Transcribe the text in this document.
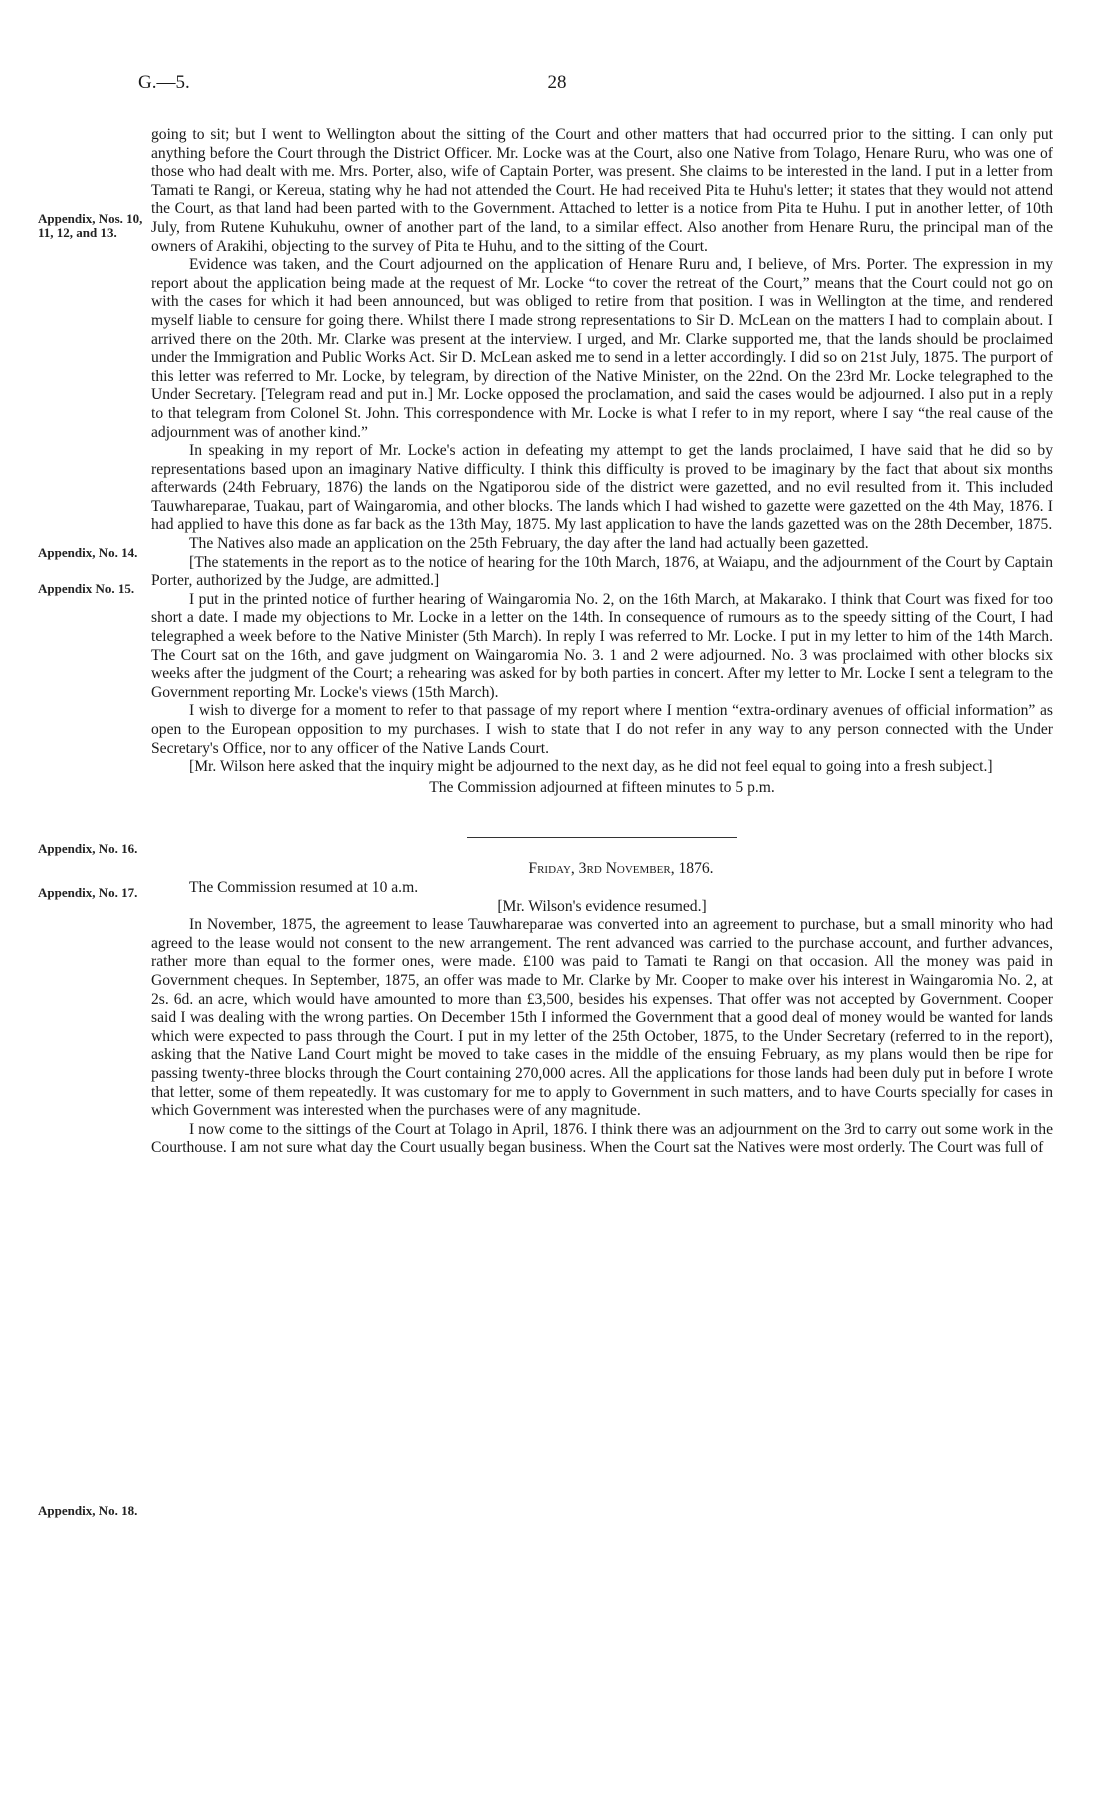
G.—5.	28
Appendix, Nos. 10, 11, 12, and 13.
Appendix, No. 14.
Appendix No. 15.
Appendix, No. 16.
Appendix, No. 17.
Appendix, No. 18.

going to sit; but I went to Wellington about the sitting of the Court and other matters that had occurred prior to the sitting. I can only put anything before the Court through the District Officer. Mr. Locke was at the Court, also one Native from Tolago, Henare Ruru, who was one of those who had dealt with me. Mrs. Porter, also, wife of Captain Porter, was present. She claims to be interested in the land. I put in a letter from Tamati te Rangi, or Kereua, stating why he had not attended the Court. He had received Pita te Huhu's letter; it states that they would not attend the Court, as that land had been parted with to the Government. Attached to letter is a notice from Pita te Huhu. I put in another letter, of 10th July, from Rutene Kuhukuhu, owner of another part of the land, to a similar effect. Also another from Henare Ruru, the principal man of the owners of Arakihi, objecting to the survey of Pita te Huhu, and to the sitting of the Court.

Evidence was taken, and the Court adjourned on the application of Henare Ruru and, I believe, of Mrs. Porter. The expression in my report about the application being made at the request of Mr. Locke “to cover the retreat of the Court,” means that the Court could not go on with the cases for which it had been announced, but was obliged to retire from that position. I was in Wellington at the time, and rendered myself liable to censure for going there. Whilst there I made strong representations to Sir D. McLean on the matters I had to complain about. I arrived there on the 20th. Mr. Clarke was present at the interview. I urged, and Mr. Clarke supported me, that the lands should be proclaimed under the Immigration and Public Works Act. Sir D. McLean asked me to send in a letter accordingly. I did so on 21st July, 1875. The purport of this letter was referred to Mr. Locke, by telegram, by direction of the Native Minister, on the 22nd. On the 23rd Mr. Locke telegraphed to the Under Secretary. [Telegram read and put in.] Mr. Locke opposed the proclamation, and said the cases would be adjourned. I also put in a reply to that telegram from Colonel St. John. This correspondence with Mr. Locke is what I refer to in my report, where I say “the real cause of the adjournment was of another kind.”

In speaking in my report of Mr. Locke's action in defeating my attempt to get the lands proclaimed, I have said that he did so by representations based upon an imaginary Native difficulty. I think this difficulty is proved to be imaginary by the fact that about six months afterwards (24th February, 1876) the lands on the Ngatiporou side of the district were gazetted, and no evil resulted from it. This included Tauwhareparae, Tuakau, part of Waingaromia, and other blocks. The lands which I had wished to gazette were gazetted on the 4th May, 1876. I had applied to have this done as far back as the 13th May, 1875. My last application to have the lands gazetted was on the 28th December, 1875.

The Natives also made an application on the 25th February, the day after the land had actually been gazetted.

[The statements in the report as to the notice of hearing for the 10th March, 1876, at Waiapu, and the adjournment of the Court by Captain Porter, authorized by the Judge, are admitted.]

I put in the printed notice of further hearing of Waingaromia No. 2, on the 16th March, at Makarako. I think that Court was fixed for too short a date. I made my objections to Mr. Locke in a letter on the 14th. In consequence of rumours as to the speedy sitting of the Court, I had telegraphed a week before to the Native Minister (5th March). In reply I was referred to Mr. Locke. I put in my letter to him of the 14th March. The Court sat on the 16th, and gave judgment on Waingaromia No. 3. 1 and 2 were adjourned. No. 3 was proclaimed with other blocks six weeks after the judgment of the Court; a rehearing was asked for by both parties in concert. After my letter to Mr. Locke I sent a telegram to the Government reporting Mr. Locke's views (15th March).

I wish to diverge for a moment to refer to that passage of my report where I mention “extra-ordinary avenues of official information” as open to the European opposition to my purchases. I wish to state that I do not refer in any way to any person connected with the Under Secretary's Office, nor to any officer of the Native Lands Court.

[Mr. Wilson here asked that the inquiry might be adjourned to the next day, as he did not feel equal to going into a fresh subject.]

The Commission adjourned at fifteen minutes to 5 p.m.

Friday, 3rd November, 1876.

The Commission resumed at 10 a.m.

[Mr. Wilson's evidence resumed.]

In November, 1875, the agreement to lease Tauwhareparae was converted into an agreement to purchase, but a small minority who had agreed to the lease would not consent to the new arrangement. The rent advanced was carried to the purchase account, and further advances, rather more than equal to the former ones, were made. £100 was paid to Tamati te Rangi on that occasion. All the money was paid in Government cheques. In September, 1875, an offer was made to Mr. Clarke by Mr. Cooper to make over his interest in Waingaromia No. 2, at 2s. 6d. an acre, which would have amounted to more than £3,500, besides his expenses. That offer was not accepted by Government. Cooper said I was dealing with the wrong parties. On December 15th I informed the Government that a good deal of money would be wanted for lands which were expected to pass through the Court. I put in my letter of the 25th October, 1875, to the Under Secretary (referred to in the report), asking that the Native Land Court might be moved to take cases in the middle of the ensuing February, as my plans would then be ripe for passing twenty-three blocks through the Court containing 270,000 acres. All the applications for those lands had been duly put in before I wrote that letter, some of them repeatedly. It was customary for me to apply to Government in such matters, and to have Courts specially for cases in which Government was interested when the purchases were of any magnitude.

I now come to the sittings of the Court at Tolago in April, 1876. I think there was an adjournment on the 3rd to carry out some work in the Courthouse. I am not sure what day the Court usually began business. When the Court sat the Natives were most orderly. The Court was full of
